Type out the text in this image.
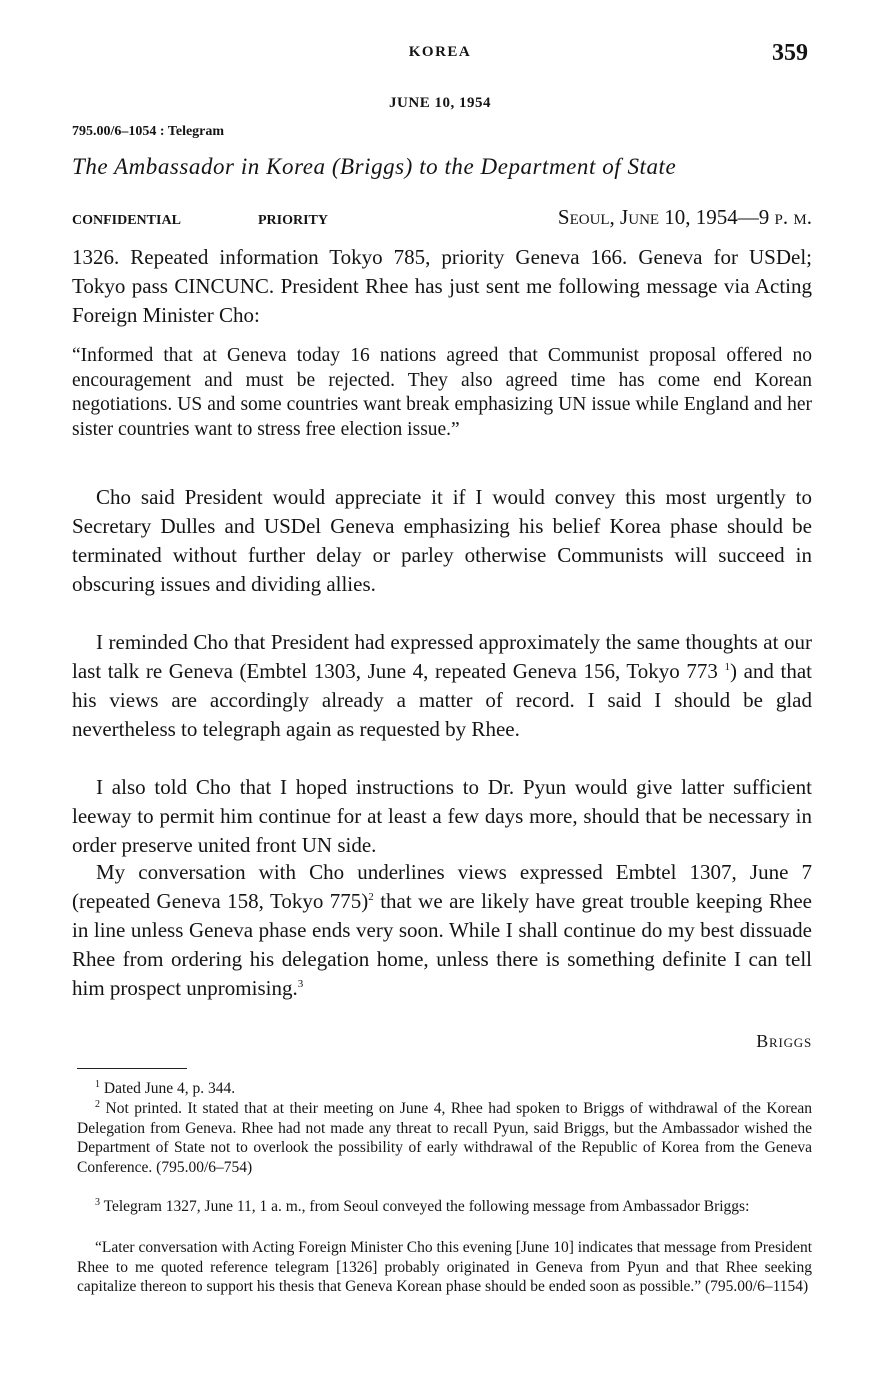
KOREA	359
JUNE 10, 1954
795.00/6–1054 : Telegram
The Ambassador in Korea (Briggs) to the Department of State
CONFIDENTIAL	PRIORITY	Seoul, June 10, 1954—9 p. m.

1326. Repeated information Tokyo 785, priority Geneva 166. Geneva for USDel; Tokyo pass CINCUNC. President Rhee has just sent me following message via Acting Foreign Minister Cho:

“Informed that at Geneva today 16 nations agreed that Communist proposal offered no encouragement and must be rejected. They also agreed time has come end Korean negotiations. US and some countries want break emphasizing UN issue while England and her sister countries want to stress free election issue.”

Cho said President would appreciate it if I would convey this most urgently to Secretary Dulles and USDel Geneva emphasizing his belief Korea phase should be terminated without further delay or parley otherwise Communists will succeed in obscuring issues and dividing allies.

I reminded Cho that President had expressed approximately the same thoughts at our last talk re Geneva (Embtel 1303, June 4, repeated Geneva 156, Tokyo 773 $^1$) and that his views are accordingly already a matter of record. I said I should be glad nevertheless to telegraph again as requested by Rhee.

I also told Cho that I hoped instructions to Dr. Pyun would give latter sufficient leeway to permit him continue for at least a few days more, should that be necessary in order preserve united front UN side.

My conversation with Cho underlines views expressed Embtel 1307, June 7 (repeated Geneva 158, Tokyo 775)$^2$ that we are likely have great trouble keeping Rhee in line unless Geneva phase ends very soon. While I shall continue do my best dissuade Rhee from ordering his delegation home, unless there is something definite I can tell him prospect unpromising.$^3$

Briggs

$^1$ Dated June 4, p. 344.

$^2$ Not printed. It stated that at their meeting on June 4, Rhee had spoken to Briggs of withdrawal of the Korean Delegation from Geneva. Rhee had not made any threat to recall Pyun, said Briggs, but the Ambassador wished the Department of State not to overlook the possibility of early withdrawal of the Republic of Korea from the Geneva Conference. (795.00/6–754)

$^3$ Telegram 1327, June 11, 1 a. m., from Seoul conveyed the following message from Ambassador Briggs:

“Later conversation with Acting Foreign Minister Cho this evening [June 10] indicates that message from President Rhee to me quoted reference telegram [1326] probably originated in Geneva from Pyun and that Rhee seeking capitalize thereon to support his thesis that Geneva Korean phase should be ended soon as possible.” (795.00/6–1154)
